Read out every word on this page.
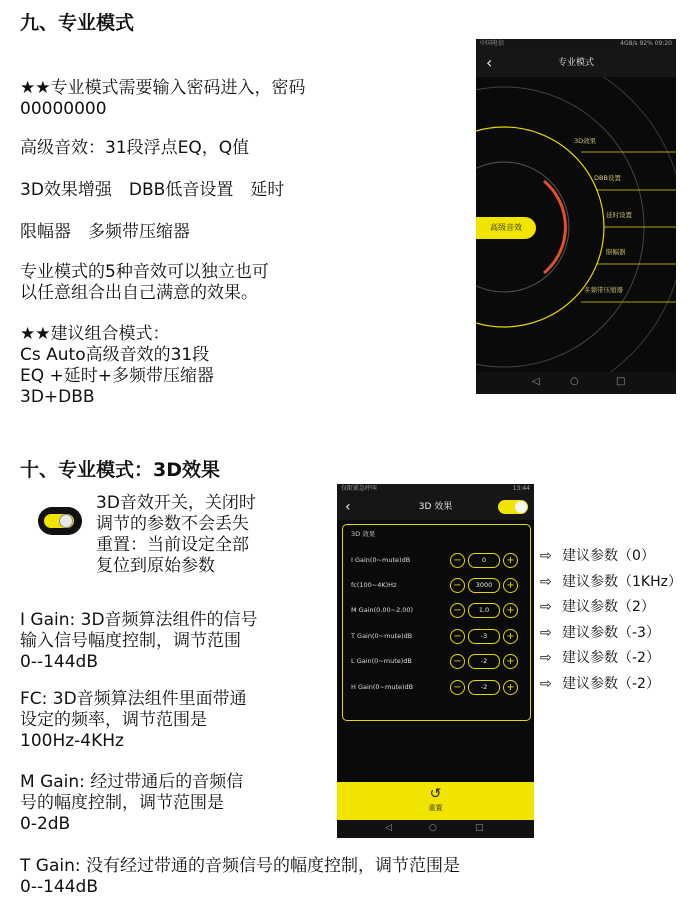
九、专业模式
★★专业模式需要输入密码进入，密码
00000000
高级音效：31段浮点EQ，Q值
3D效果增强　DBB低音设置　延时
限幅器　多频带压缩器
专业模式的5种音效可以独立也可
以任意组合出自己满意的效果。
★★建议组合模式：
Cs Auto高级音效的31段
EQ +延时+多频带压缩器
3D+DBB
中国电信	4G8/s 92% 09:20
‹	专业模式
高级音效
3D效果
DBB设置
延时设置
限幅器
多频带压缩器
◁	○	□
十、专业模式：3D效果
3D音效开关，关闭时
调节的参数不会丢失
重置：当前设定全部
复位到原始参数
I Gain: 3D音频算法组件的信号
输入信号幅度控制，调节范围
0--144dB
FC: 3D音频算法组件里面带通
设定的频率，调节范围是
100Hz-4KHz
M Gain: 经过带通后的音频信
号的幅度控制，调节范围是
0-2dB
T Gain: 没有经过带通的音频信号的幅度控制，调节范围是
0--144dB
仅限紧急呼叫	13:44
‹	3D 效果
3D 效果
I Gain(0~mute)dB	−	0	+
fc(100~4K)Hz	−	3000	+
M Gain(0.00~2.00)	−	1.0	+
T Gain(0~mute)dB	−	-3	+
L Gain(0~mute)dB	−	-2	+
H Gain(0~mute)dB	−	-2	+
↺
重置
◁	○	□
⇨ 建议参数（0）
⇨ 建议参数（1KHz）
⇨ 建议参数（2）
⇨ 建议参数（-3）
⇨ 建议参数（-2）
⇨ 建议参数（-2）
